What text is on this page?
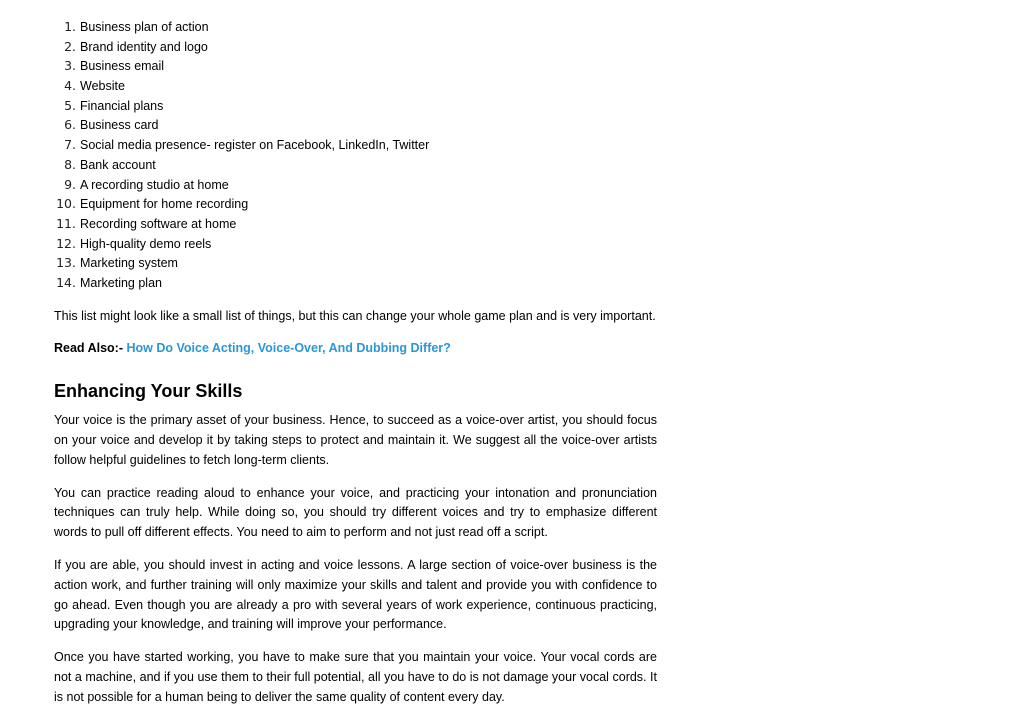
1. Business plan of action
2. Brand identity and logo
3. Business email
4. Website
5. Financial plans
6. Business card
7. Social media presence- register on Facebook, LinkedIn, Twitter
8. Bank account
9. A recording studio at home
10. Equipment for home recording
11. Recording software at home
12. High-quality demo reels
13. Marketing system
14. Marketing plan

This list might look like a small list of things, but this can change your whole game plan and is very important.

Read Also:- How Do Voice Acting, Voice-Over, And Dubbing Differ?

Enhancing Your Skills

Your voice is the primary asset of your business. Hence, to succeed as a voice-over artist, you should focus on your voice and develop it by taking steps to protect and maintain it. We suggest all the voice-over artists follow helpful guidelines to fetch long-term clients.

You can practice reading aloud to enhance your voice, and practicing your intonation and pronunciation techniques can truly help. While doing so, you should try different voices and try to emphasize different words to pull off different effects. You need to aim to perform and not just read off a script.

If you are able, you should invest in acting and voice lessons. A large section of voice-over business is the action work, and further training will only maximize your skills and talent and provide you with confidence to go ahead. Even though you are already a pro with several years of work experience, continuous practicing, upgrading your knowledge, and training will improve your performance.

Once you have started working, you have to make sure that you maintain your voice. Your vocal cords are not a machine, and if you use them to their full potential, all you have to do is not damage your vocal cords. It is not possible for a human being to deliver the same quality of content every day.
